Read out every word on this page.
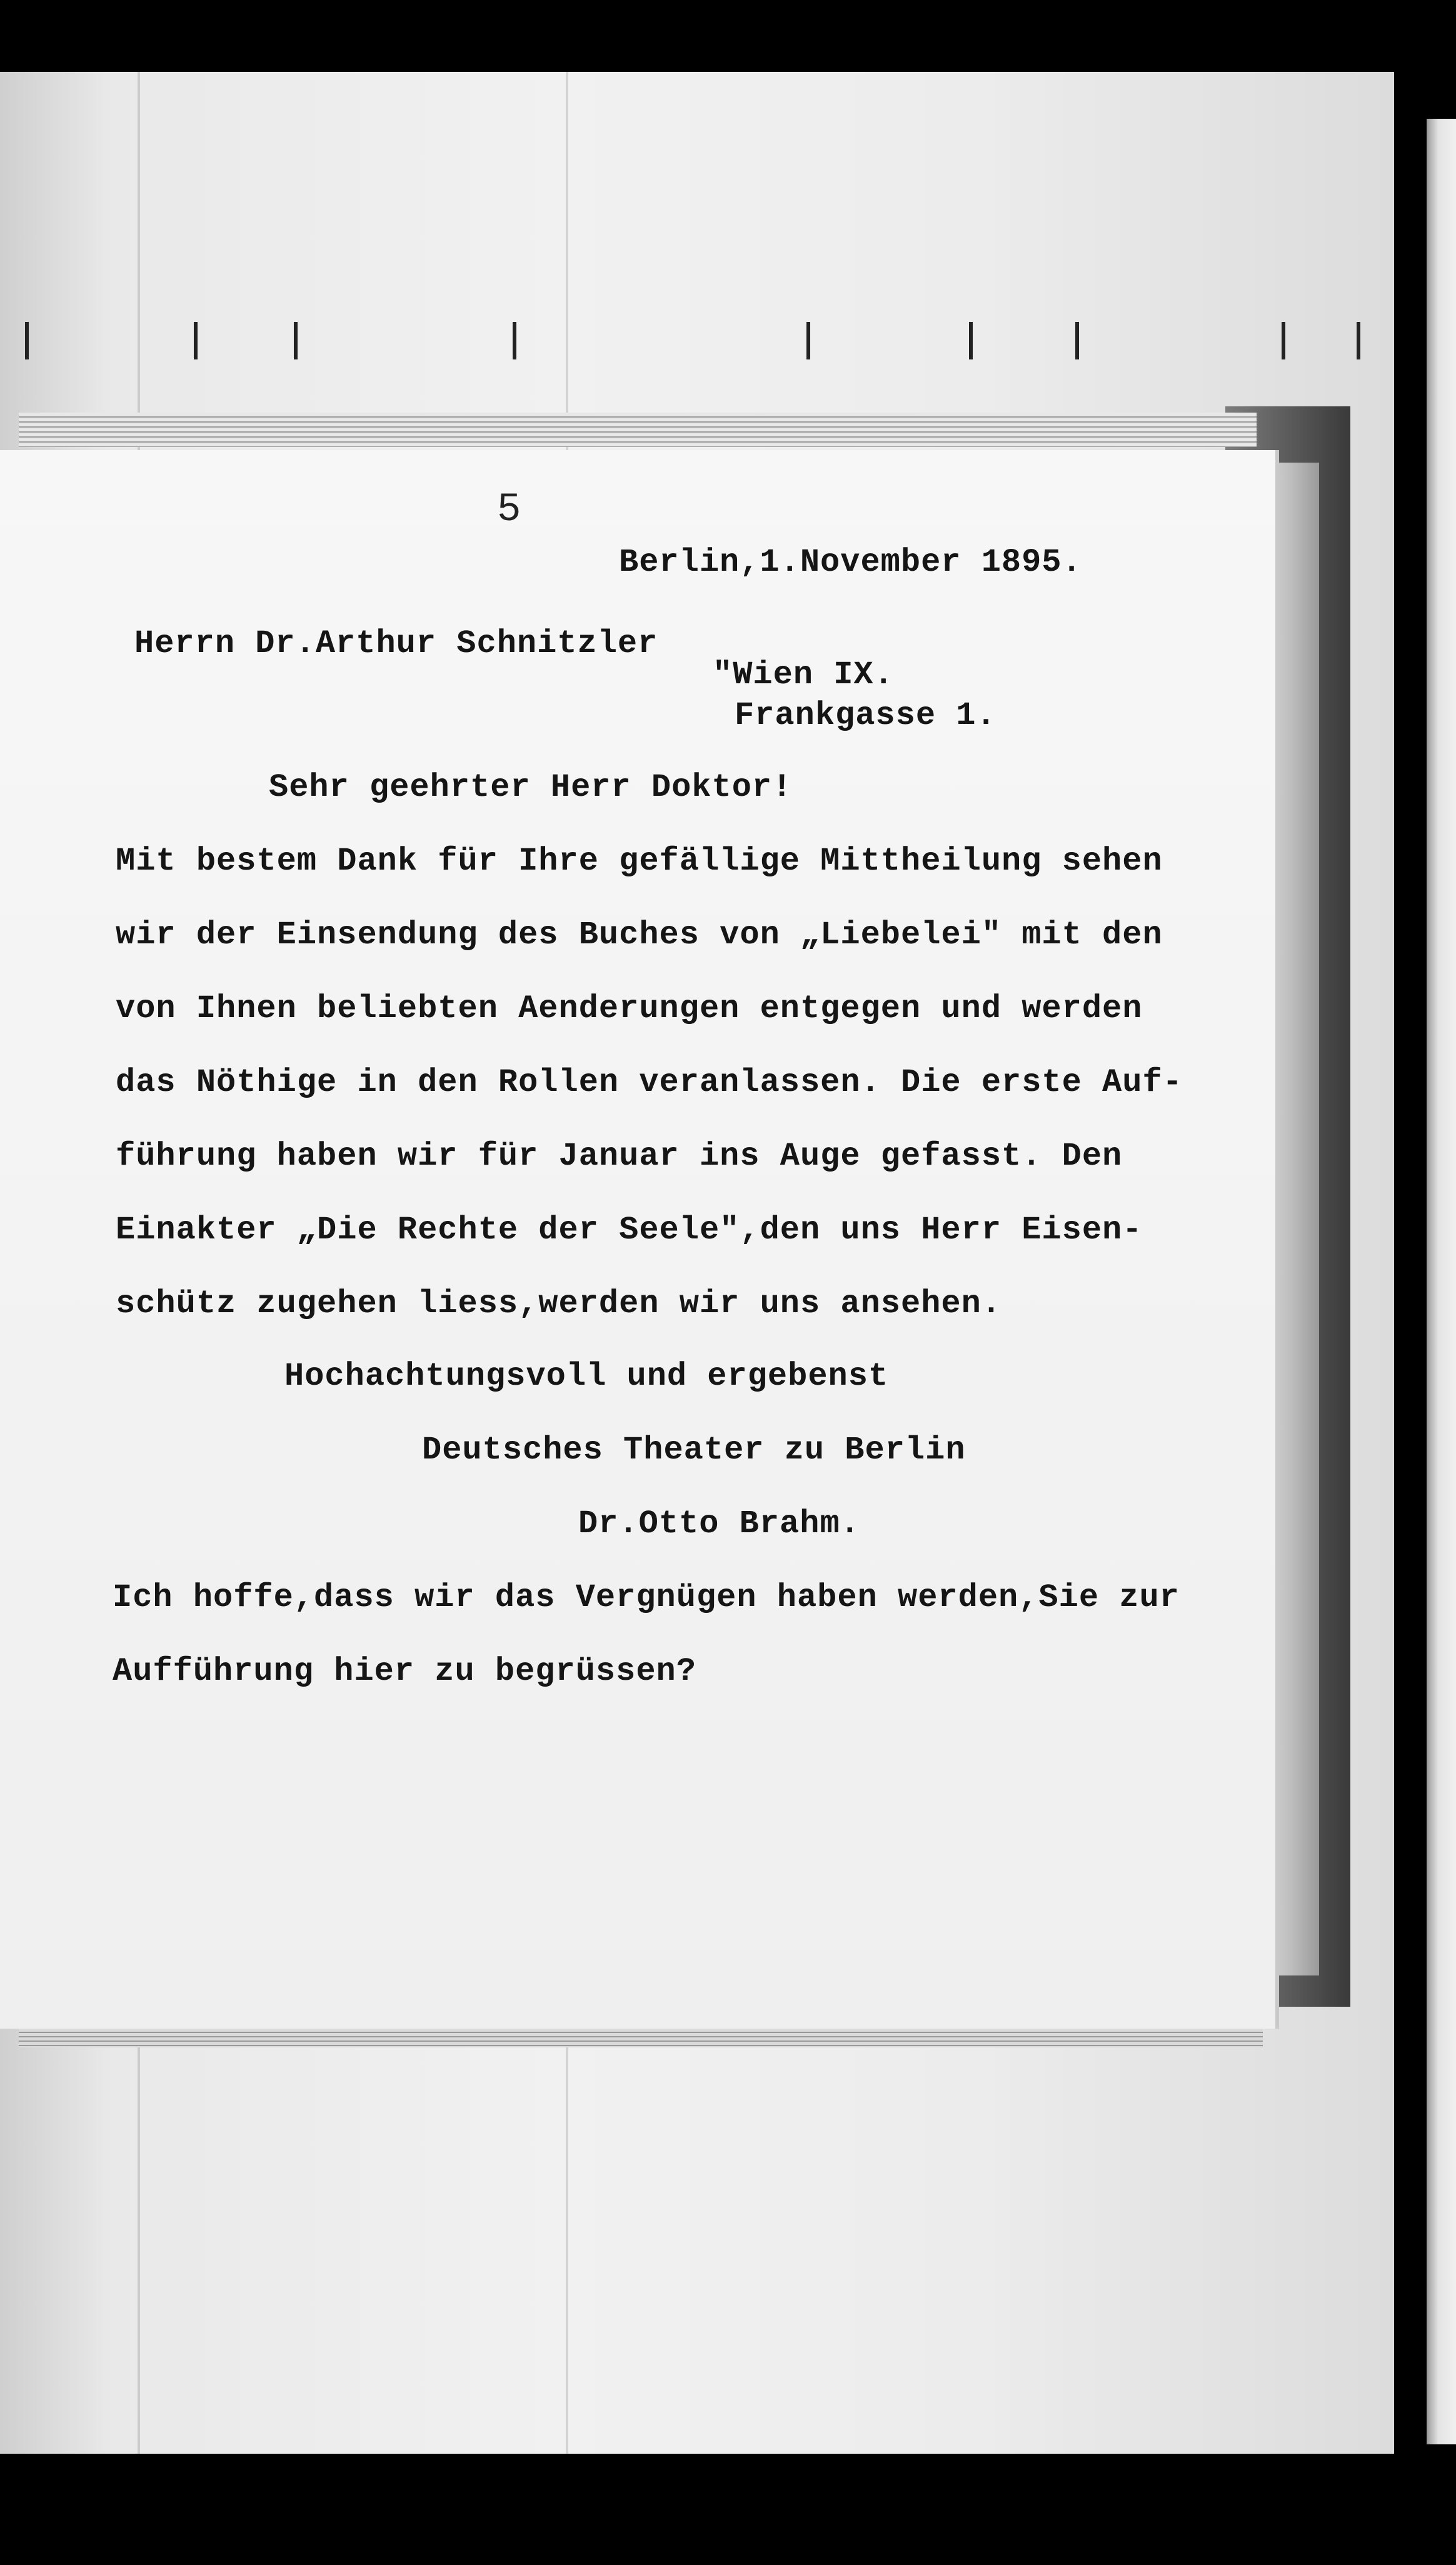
5
Berlin,1.November 1895.
Herrn Dr.Arthur Schnitzler
"Wien IX.
Frankgasse 1.
Sehr geehrter Herr Doktor!
Mit bestem Dank für Ihre gefällige Mittheilung sehen
wir der Einsendung des Buches von „Liebelei" mit den
von Ihnen beliebten Aenderungen entgegen und werden
das Nöthige in den Rollen veranlassen. Die erste Auf-
führung haben wir für Januar ins Auge gefasst. Den
Einakter „Die Rechte der Seele",den uns Herr Eisen-
schütz zugehen liess,werden wir uns ansehen.
Hochachtungsvoll und ergebenst
Deutsches Theater zu Berlin
Dr.Otto Brahm.
Ich hoffe,dass wir das Vergnügen haben werden,Sie zur
Aufführung hier zu begrüssen?
